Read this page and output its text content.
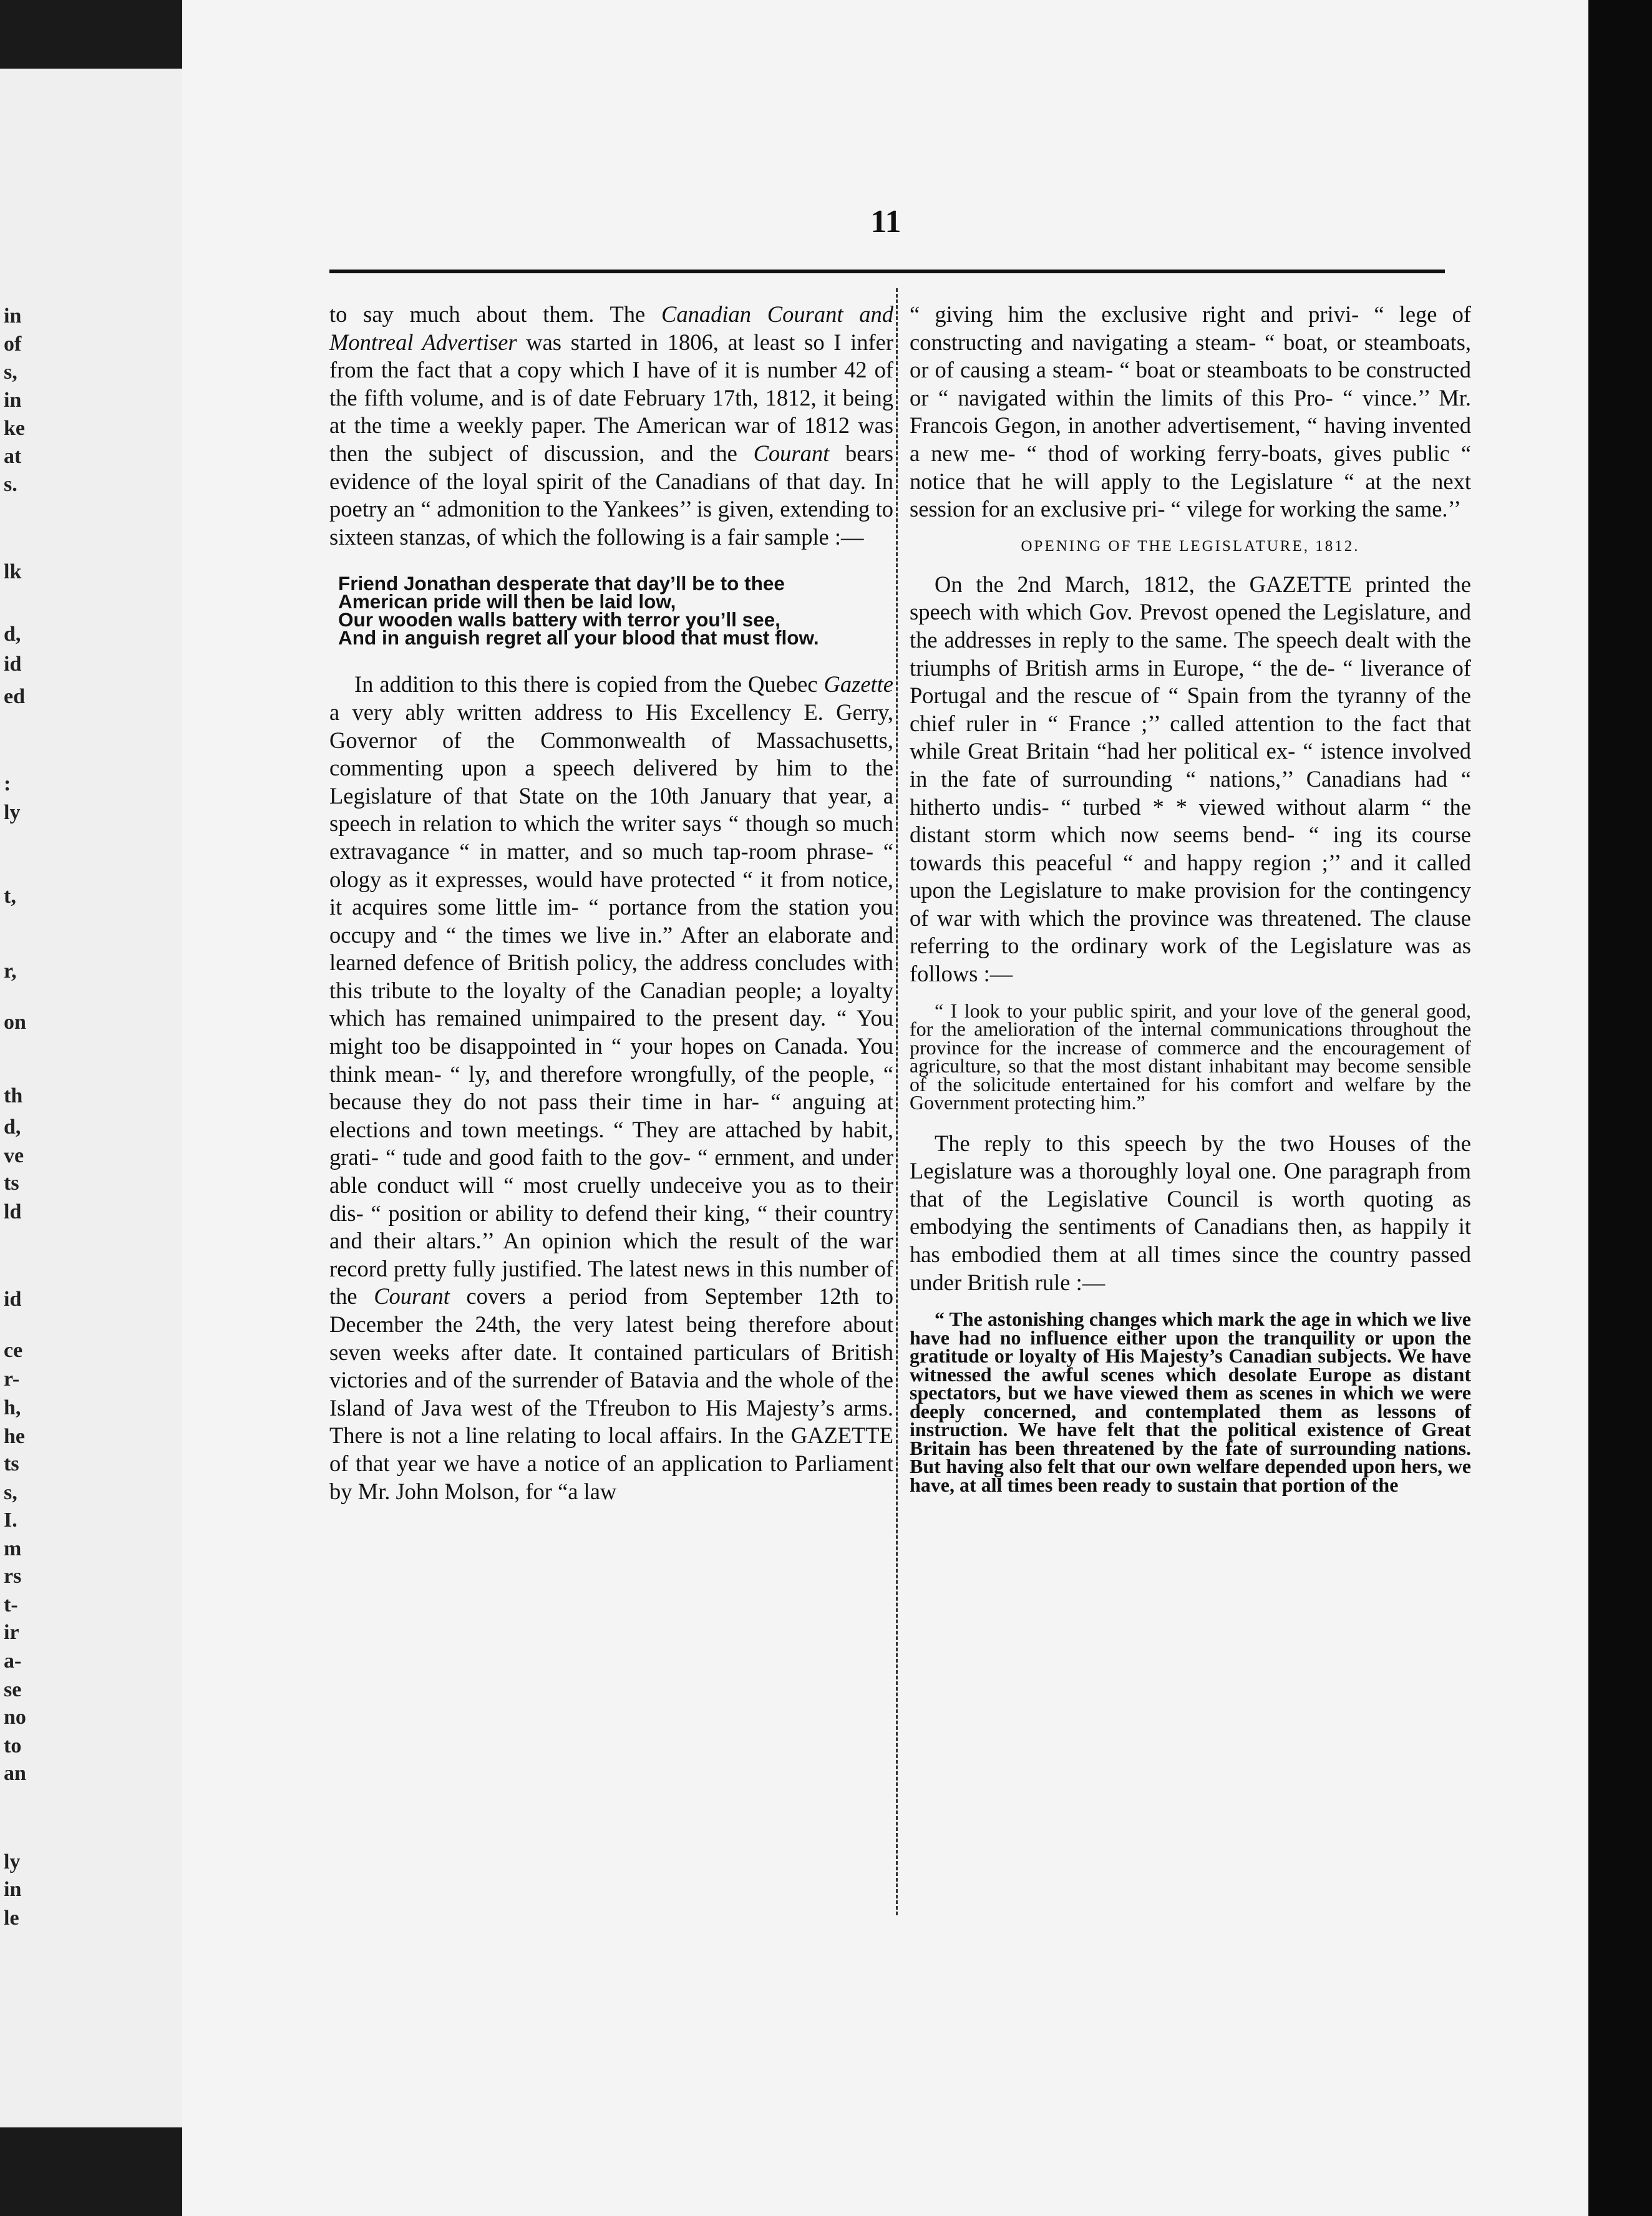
in
of
s,
in
ke
at
s.
lk
d,
id
ed
:
ly
t,
r,
on
th
d,
ve
ts
ld
id
ce
r-
h,
he
ts
s,
I.
m
rs
t-
ir
a-
se
no
to
an
ly
in
le
11

to say much about them. The Canadian Courant and Montreal Advertiser was started in 1806, at least so I infer from the fact that a copy which I have of it is number 42 of the fifth volume, and is of date February 17th, 1812, it being at the time a weekly paper. The American war of 1812 was then the subject of discussion, and the Courant bears evidence of the loyal spirit of the Canadians of that day. In poetry an “ admonition to the Yankees’’ is given, extending to sixteen stanzas, of which the following is a fair sample :—

Friend Jonathan desperate that day’ll be to thee
American pride will then be laid low,
Our wooden walls battery with terror you’ll see,
And in anguish regret all your blood that must flow.

In addition to this there is copied from the Quebec Gazette a very ably written address to His Excellency E. Gerry, Governor of the Commonwealth of Massachusetts, commenting upon a speech delivered by him to the Legislature of that State on the 10th January that year, a speech in relation to which the writer says “ though so much extravagance “ in matter, and so much tap-room phrase- “ ology as it expresses, would have protected “ it from notice, it acquires some little im- “ portance from the station you occupy and “ the times we live in.” After an elaborate and learned defence of British policy, the address concludes with this tribute to the loyalty of the Canadian people; a loyalty which has remained unimpaired to the present day. “ You might too be disappointed in “ your hopes on Canada. You think mean- “ ly, and therefore wrongfully, of the people, “ because they do not pass their time in har- “ anguing at elections and town meetings. “ They are attached by habit, grati- “ tude and good faith to the gov- “ ernment, and under able conduct will “ most cruelly undeceive you as to their dis- “ position or ability to defend their king, “ their country and their altars.’’ An opinion which the result of the war record pretty fully justified. The latest news in this number of the Courant covers a period from September 12th to December the 24th, the very latest being therefore about seven weeks after date. It contained particulars of British victories and of the surrender of Batavia and the whole of the Island of Java west of the Tfreubon to His Majesty’s arms. There is not a line relating to local affairs. In the GAZETTE of that year we have a notice of an application to Parliament by Mr. John Molson, for “a law

“ giving him the exclusive right and privi- “ lege of constructing and navigating a steam- “ boat, or steamboats, or of causing a steam- “ boat or steamboats to be constructed or “ navigated within the limits of this Pro- “ vince.’’ Mr. Francois Gegon, in another advertisement, “ having invented a new me- “ thod of working ferry-boats, gives public “ notice that he will apply to the Legislature “ at the next session for an exclusive pri- “ vilege for working the same.’’

OPENING OF THE LEGISLATURE, 1812.

On the 2nd March, 1812, the GAZETTE printed the speech with which Gov. Prevost opened the Legislature, and the addresses in reply to the same. The speech dealt with the triumphs of British arms in Europe, “ the de- “ liverance of Portugal and the rescue of “ Spain from the tyranny of the chief ruler in “ France ;’’ called attention to the fact that while Great Britain “had her political ex- “ istence involved in the fate of surrounding “ nations,’’ Canadians had “ hitherto undis- “ turbed * * viewed without alarm “ the distant storm which now seems bend- “ ing its course towards this peaceful “ and happy region ;’’ and it called upon the Legislature to make provision for the contingency of war with which the province was threatened. The clause referring to the ordinary work of the Legislature was as follows :—

“ I look to your public spirit, and your love of the general good, for the amelioration of the internal communications throughout the province for the increase of commerce and the encouragement of agriculture, so that the most distant inhabitant may become sensible of the solicitude entertained for his comfort and welfare by the Government protecting him.”

The reply to this speech by the two Houses of the Legislature was a thoroughly loyal one. One paragraph from that of the Legislative Council is worth quoting as embodying the sentiments of Canadians then, as happily it has embodied them at all times since the country passed under British rule :—

“ The astonishing changes which mark the age in which we live have had no influence either upon the tranquility or upon the gratitude or loyalty of His Majesty’s Canadian subjects. We have witnessed the awful scenes which desolate Europe as distant spectators, but we have viewed them as scenes in which we were deeply concerned, and contemplated them as lessons of instruction. We have felt that the political existence of Great Britain has been threatened by the fate of surrounding nations. But having also felt that our own welfare depended upon hers, we have, at all times been ready to sustain that portion of the
